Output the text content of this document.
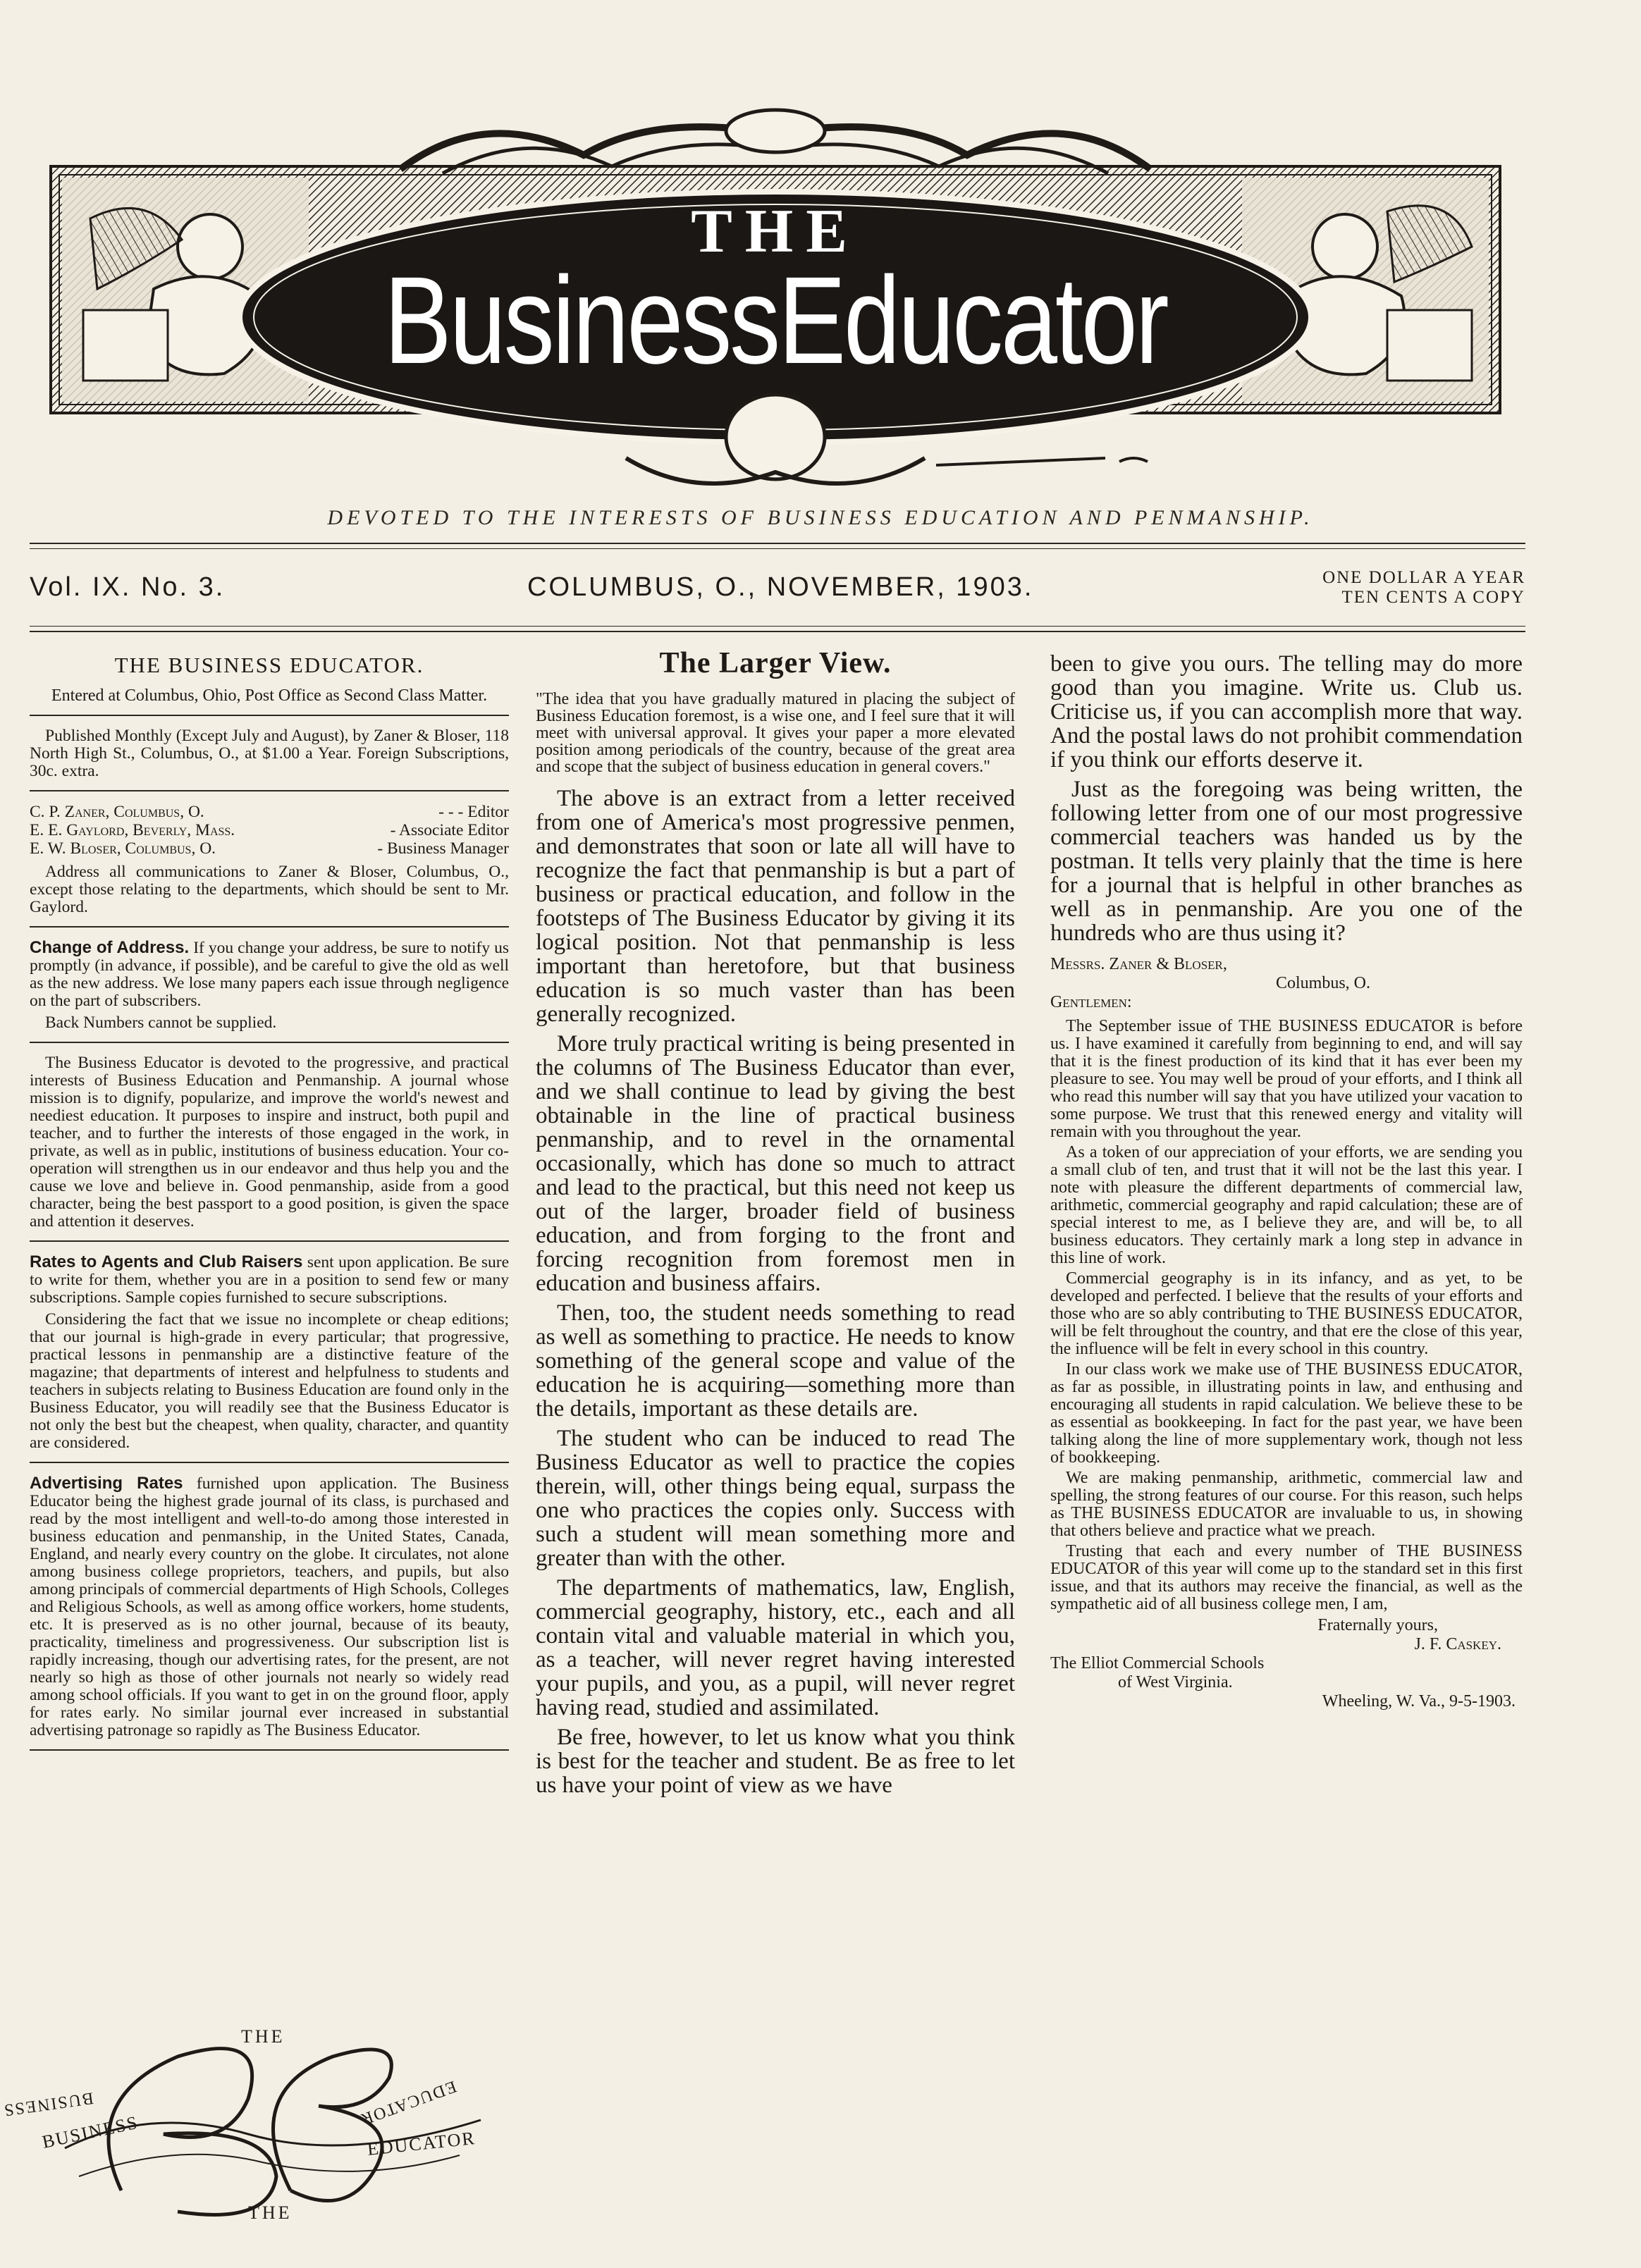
THE
BusinessEducator
DEVOTED TO THE INTERESTS OF BUSINESS EDUCATION AND PENMANSHIP.
Vol. IX. No. 3.	COLUMBUS, O., NOVEMBER, 1903.	ONE DOLLAR A YEAR
TEN CENTS A COPY
THE BUSINESS EDUCATOR.
Entered at Columbus, Ohio, Post Office as Second Class Matter.

Published Monthly (Except July and August), by Zaner & Bloser, 118 North High St., Columbus, O., at $1.00 a Year. Foreign Subscriptions, 30c. extra.

C. P. Zaner, Columbus, O.	- - - Editor
E. E. Gaylord, Beverly, Mass.	- Associate Editor
E. W. Bloser, Columbus, O.	- Business Manager

Address all communications to Zaner & Bloser, Columbus, O., except those relating to the departments, which should be sent to Mr. Gaylord.

Change of Address. If you change your address, be sure to notify us promptly (in advance, if possible), and be careful to give the old as well as the new address. We lose many papers each issue through negligence on the part of subscribers.

Back Numbers cannot be supplied.

The Business Educator is devoted to the progressive, and practical interests of Business Education and Penmanship. A journal whose mission is to dignify, popularize, and improve the world's newest and neediest education. It purposes to inspire and instruct, both pupil and teacher, and to further the interests of those engaged in the work, in private, as well as in public, institutions of business education. Your co-operation will strengthen us in our endeavor and thus help you and the cause we love and believe in. Good penmanship, aside from a good character, being the best passport to a good position, is given the space and attention it deserves.

Rates to Agents and Club Raisers sent upon application. Be sure to write for them, whether you are in a position to send few or many subscriptions. Sample copies furnished to secure subscriptions.

Considering the fact that we issue no incomplete or cheap editions; that our journal is high-grade in every particular; that progressive, practical lessons in penmanship are a distinctive feature of the magazine; that departments of interest and helpfulness to students and teachers in subjects relating to Business Education are found only in the Business Educator, you will readily see that the Business Educator is not only the best but the cheapest, when quality, character, and quantity are considered.

Advertising Rates furnished upon application. The Business Educator being the highest grade journal of its class, is purchased and read by the most intelligent and well-to-do among those interested in business education and penmanship, in the United States, Canada, England, and nearly every country on the globe. It circulates, not alone among business college proprietors, teachers, and pupils, but also among principals of commercial departments of High Schools, Colleges and Religious Schools, as well as among office workers, home students, etc. It is preserved as is no other journal, because of its beauty, practicality, timeliness and progressiveness. Our subscription list is rapidly increasing, though our advertising rates, for the present, are not nearly so high as those of other journals not nearly so widely read among school officials. If you want to get in on the ground floor, apply for rates early. No similar journal ever increased in substantial advertising patronage so rapidly as The Business Educator.

THE
BUSINESS	EDUCATOR
THE
BUSINESS	EDUCATOR
The Larger View.
"The idea that you have gradually matured in placing the subject of Business Education foremost, is a wise one, and I feel sure that it will meet with universal approval. It gives your paper a more elevated position among periodicals of the country, because of the great area and scope that the subject of business education in general covers."

The above is an extract from a letter received from one of America's most progressive penmen, and demonstrates that soon or late all will have to recognize the fact that penmanship is but a part of business or practical education, and follow in the footsteps of The Business Educator by giving it its logical position. Not that penmanship is less important than heretofore, but that business education is so much vaster than has been generally recognized.

More truly practical writing is being presented in the columns of The Business Educator than ever, and we shall continue to lead by giving the best obtainable in the line of practical business penmanship, and to revel in the ornamental occasionally, which has done so much to attract and lead to the practical, but this need not keep us out of the larger, broader field of business education, and from forging to the front and forcing recognition from foremost men in education and business affairs.

Then, too, the student needs something to read as well as something to practice. He needs to know something of the general scope and value of the education he is acquiring—something more than the details, important as these details are.

The student who can be induced to read The Business Educator as well to practice the copies therein, will, other things being equal, surpass the one who practices the copies only. Success with such a student will mean something more and greater than with the other.

The departments of mathematics, law, English, commercial geography, history, etc., each and all contain vital and valuable material in which you, as a teacher, will never regret having interested your pupils, and you, as a pupil, will never regret having read, studied and assimilated.

Be free, however, to let us know what you think is best for the teacher and student. Be as free to let us have your point of view as we have

been to give you ours. The telling may do more good than you imagine. Write us. Club us. Criticise us, if you can accomplish more that way. And the postal laws do not prohibit commendation if you think our efforts deserve it.

Just as the foregoing was being written, the following letter from one of our most progressive commercial teachers was handed us by the postman. It tells very plainly that the time is here for a journal that is helpful in other branches as well as in penmanship. Are you one of the hundreds who are thus using it?

Messrs. Zaner & Bloser,
Columbus, O.
Gentlemen:

The September issue of THE BUSINESS EDUCATOR is before us. I have examined it carefully from beginning to end, and will say that it is the finest production of its kind that it has ever been my pleasure to see. You may well be proud of your efforts, and I think all who read this number will say that you have utilized your vacation to some purpose. We trust that this renewed energy and vitality will remain with you throughout the year.

As a token of our appreciation of your efforts, we are sending you a small club of ten, and trust that it will not be the last this year. I note with pleasure the different departments of commercial law, arithmetic, commercial geography and rapid calculation; these are of special interest to me, as I believe they are, and will be, to all business educators. They certainly mark a long step in advance in this line of work.

Commercial geography is in its infancy, and as yet, to be developed and perfected. I believe that the results of your efforts and those who are so ably contributing to THE BUSINESS EDUCATOR, will be felt throughout the country, and that ere the close of this year, the influence will be felt in every school in this country.

In our class work we make use of THE BUSINESS EDUCATOR, as far as possible, in illustrating points in law, and enthusing and encouraging all students in rapid calculation. We believe these to be as essential as bookkeeping. In fact for the past year, we have been talking along the line of more supplementary work, though not less of bookkeeping.

We are making penmanship, arithmetic, commercial law and spelling, the strong features of our course. For this reason, such helps as THE BUSINESS EDUCATOR are invaluable to us, in showing that others believe and practice what we preach.

Trusting that each and every number of THE BUSINESS EDUCATOR of this year will come up to the standard set in this first issue, and that its authors may receive the financial, as well as the sympathetic aid of all business college men, I am,

Fraternally yours,
J. F. Caskey.
The Elliot Commercial Schools
of West Virginia.
Wheeling, W. Va., 9-5-1903.
